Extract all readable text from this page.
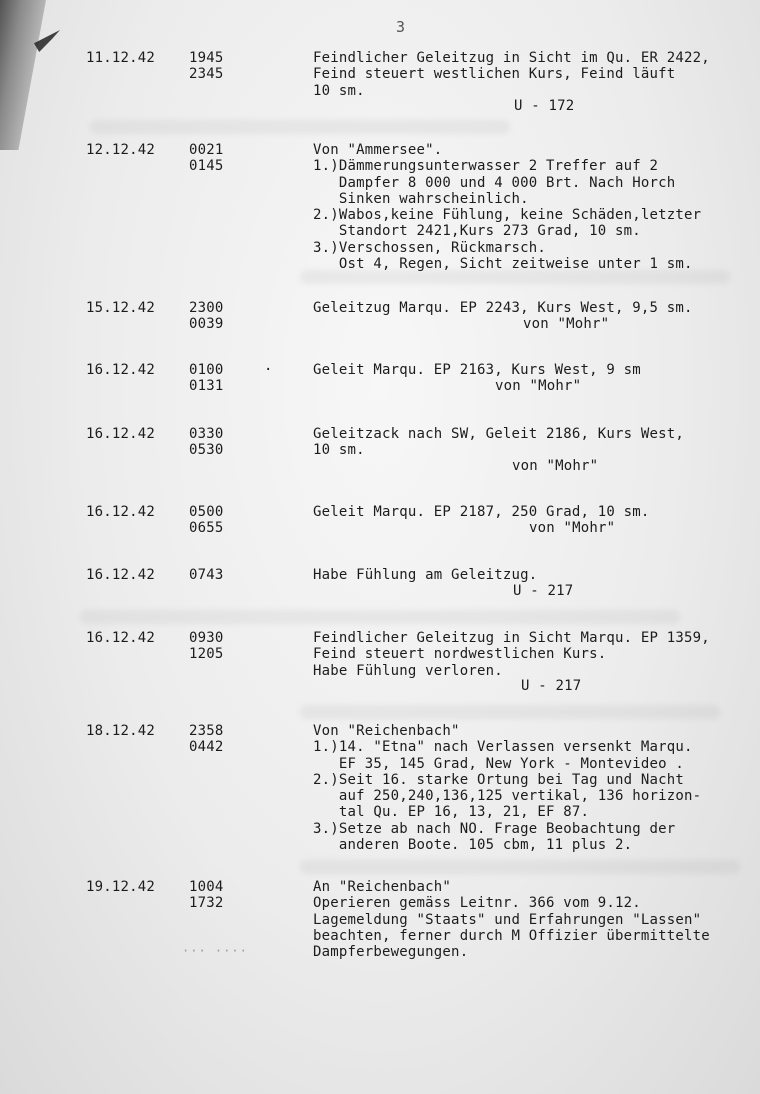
3
11.12.42 1945
2345
Feindlicher Geleitzug in Sicht im Qu. ER 2422,
Feind steuert westlichen Kurs, Feind läuft
10 sm.
U - 172
12.12.42 0021
0145
Von "Ammersee".
1.)Dämmerungsunterwasser 2 Treffer auf 2
Dampfer 8 000 und 4 000 Brt. Nach Horch
Sinken wahrscheinlich.
2.)Wabos,keine Fühlung, keine Schäden,letzter
Standort 2421,Kurs 273 Grad, 10 sm.
3.)Verschossen, Rückmarsch.
Ost 4, Regen, Sicht zeitweise unter 1 sm.
15.12.42 2300
0039
Geleitzug Marqu. EP 2243, Kurs West, 9,5 sm.
von "Mohr"
16.12.42 0100
0131
·	Geleit Marqu. EP 2163, Kurs West, 9 sm
von "Mohr"
16.12.42 0330
0530
Geleitzack nach SW, Geleit 2186, Kurs West,
10 sm.
von "Mohr"
16.12.42 0500
0655
Geleit Marqu. EP 2187, 250 Grad, 10 sm.
von "Mohr"
16.12.42 0743	Habe Fühlung am Geleitzug.
U - 217
16.12.42 0930
1205
Feindlicher Geleitzug in Sicht Marqu. EP 1359,
Feind steuert nordwestlichen Kurs.
Habe Fühlung verloren.
U - 217
18.12.42 2358
0442
Von "Reichenbach"
1.)14. "Etna" nach Verlassen versenkt Marqu.
EF 35, 145 Grad, New York - Montevideo .
2.)Seit 16. starke Ortung bei Tag und Nacht
auf 250,240,136,125 vertikal, 136 horizon-
tal Qu. EP 16, 13, 21, EF 87.
3.)Setze ab nach NO. Frage Beobachtung der
anderen Boote. 105 cbm, 11 plus 2.
19.12.42 1004
1732
An "Reichenbach"
Operieren gemäss Leitnr. 366 vom 9.12.
Lagemeldung "Staats" und Erfahrungen "Lassen"
beachten, ferner durch M Offizier übermittelte
Dampferbewegungen.
··· ····
